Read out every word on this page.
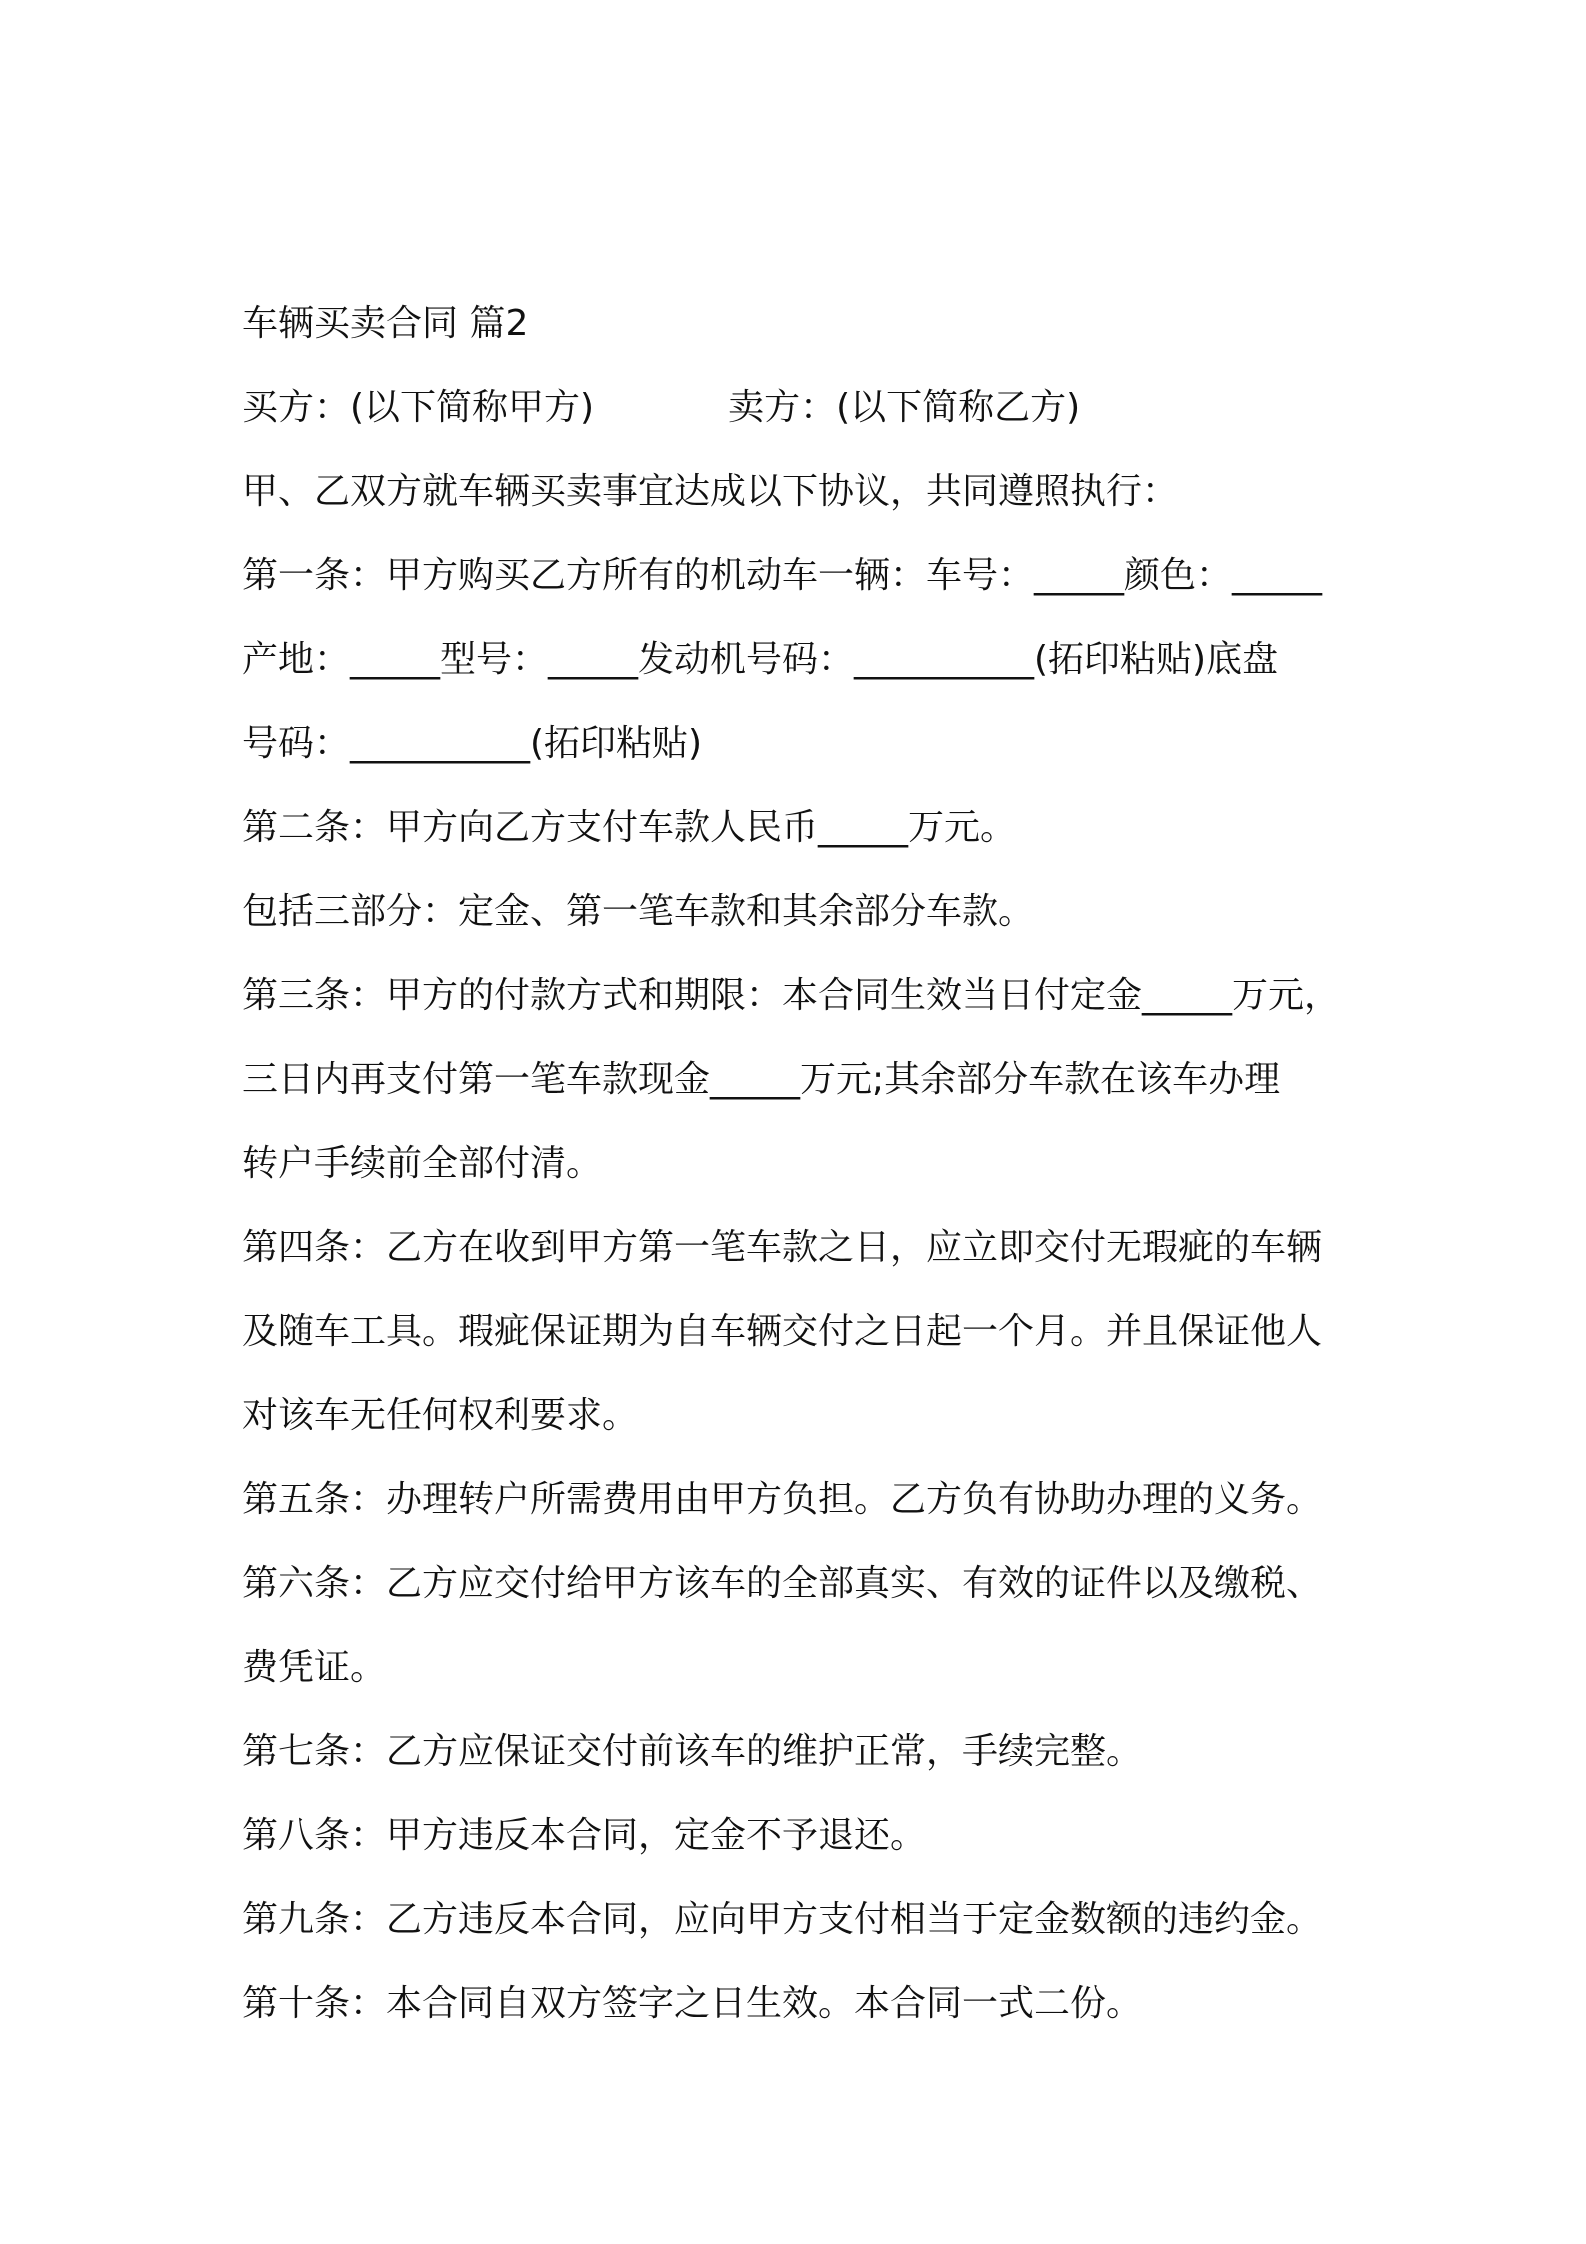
车辆买卖合同 篇2
买方：(以下简称甲方)	卖方：(以下简称乙方)
甲、乙双方就车辆买卖事宜达成以下协议，共同遵照执行：
第一条：甲方购买乙方所有的机动车一辆：车号：_____颜色：_____
产地：_____型号：_____发动机号码：__________(拓印粘贴)底盘
号码：__________(拓印粘贴)
第二条：甲方向乙方支付车款人民币_____万元。
包括三部分：定金、第一笔车款和其余部分车款。
第三条：甲方的付款方式和期限：本合同生效当日付定金_____万元，
三日内再支付第一笔车款现金_____万元;其余部分车款在该车办理
转户手续前全部付清。
第四条：乙方在收到甲方第一笔车款之日，应立即交付无瑕疵的车辆
及随车工具。瑕疵保证期为自车辆交付之日起一个月。并且保证他人
对该车无任何权利要求。
第五条：办理转户所需费用由甲方负担。乙方负有协助办理的义务。
第六条：乙方应交付给甲方该车的全部真实、有效的证件以及缴税、
费凭证。
第七条：乙方应保证交付前该车的维护正常，手续完整。
第八条：甲方违反本合同，定金不予退还。
第九条：乙方违反本合同，应向甲方支付相当于定金数额的违约金。
第十条：本合同自双方签字之日生效。本合同一式二份。
